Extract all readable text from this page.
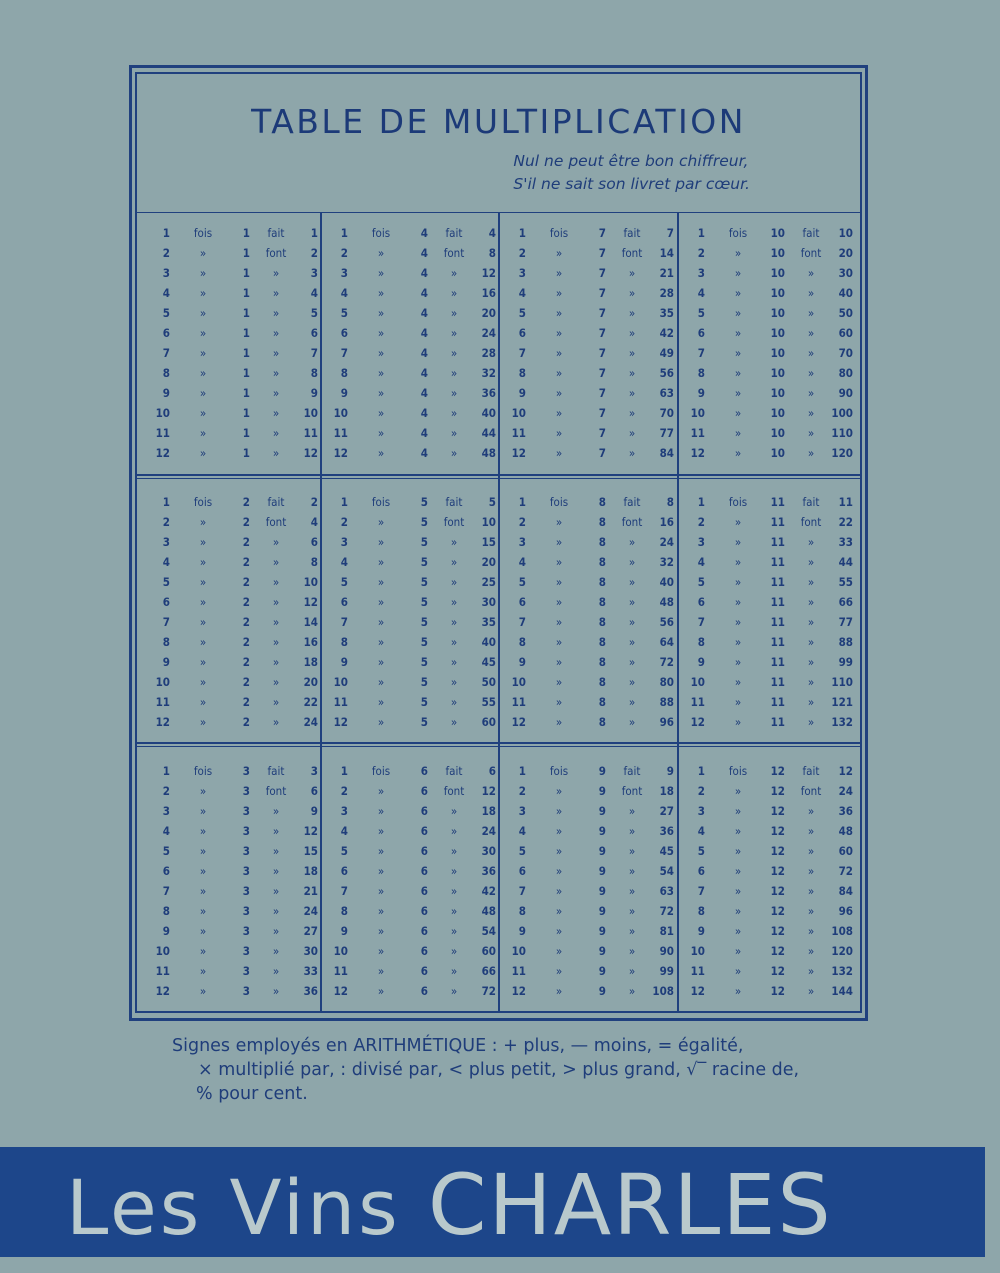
TABLE DE MULTIPLICATION
Nul ne peut être bon chiffreur,
S'il ne sait son livret par cœur.
1	fois	1	fait	1
2	»	1	font	2
3	»	1	»	3
4	»	1	»	4
5	»	1	»	5
6	»	1	»	6
7	»	1	»	7
8	»	1	»	8
9	»	1	»	9
10	»	1	»	10
11	»	1	»	11
12	»	1	»	12
1	fois	4	fait	4
2	»	4	font	8
3	»	4	»	12
4	»	4	»	16
5	»	4	»	20
6	»	4	»	24
7	»	4	»	28
8	»	4	»	32
9	»	4	»	36
10	»	4	»	40
11	»	4	»	44
12	»	4	»	48
1	fois	7	fait	7
2	»	7	font	14
3	»	7	»	21
4	»	7	»	28
5	»	7	»	35
6	»	7	»	42
7	»	7	»	49
8	»	7	»	56
9	»	7	»	63
10	»	7	»	70
11	»	7	»	77
12	»	7	»	84
1	fois	10	fait	10
2	»	10	font	20
3	»	10	»	30
4	»	10	»	40
5	»	10	»	50
6	»	10	»	60
7	»	10	»	70
8	»	10	»	80
9	»	10	»	90
10	»	10	»	100
11	»	10	»	110
12	»	10	»	120
1	fois	2	fait	2
2	»	2	font	4
3	»	2	»	6
4	»	2	»	8
5	»	2	»	10
6	»	2	»	12
7	»	2	»	14
8	»	2	»	16
9	»	2	»	18
10	»	2	»	20
11	»	2	»	22
12	»	2	»	24
1	fois	5	fait	5
2	»	5	font	10
3	»	5	»	15
4	»	5	»	20
5	»	5	»	25
6	»	5	»	30
7	»	5	»	35
8	»	5	»	40
9	»	5	»	45
10	»	5	»	50
11	»	5	»	55
12	»	5	»	60
1	fois	8	fait	8
2	»	8	font	16
3	»	8	»	24
4	»	8	»	32
5	»	8	»	40
6	»	8	»	48
7	»	8	»	56
8	»	8	»	64
9	»	8	»	72
10	»	8	»	80
11	»	8	»	88
12	»	8	»	96
1	fois	11	fait	11
2	»	11	font	22
3	»	11	»	33
4	»	11	»	44
5	»	11	»	55
6	»	11	»	66
7	»	11	»	77
8	»	11	»	88
9	»	11	»	99
10	»	11	»	110
11	»	11	»	121
12	»	11	»	132
1	fois	3	fait	3
2	»	3	font	6
3	»	3	»	9
4	»	3	»	12
5	»	3	»	15
6	»	3	»	18
7	»	3	»	21
8	»	3	»	24
9	»	3	»	27
10	»	3	»	30
11	»	3	»	33
12	»	3	»	36
1	fois	6	fait	6
2	»	6	font	12
3	»	6	»	18
4	»	6	»	24
5	»	6	»	30
6	»	6	»	36
7	»	6	»	42
8	»	6	»	48
9	»	6	»	54
10	»	6	»	60
11	»	6	»	66
12	»	6	»	72
1	fois	9	fait	9
2	»	9	font	18
3	»	9	»	27
4	»	9	»	36
5	»	9	»	45
6	»	9	»	54
7	»	9	»	63
8	»	9	»	72
9	»	9	»	81
10	»	9	»	90
11	»	9	»	99
12	»	9	»	108
1	fois	12	fait	12
2	»	12	font	24
3	»	12	»	36
4	»	12	»	48
5	»	12	»	60
6	»	12	»	72
7	»	12	»	84
8	»	12	»	96
9	»	12	»	108
10	»	12	»	120
11	»	12	»	132
12	»	12	»	144
Signes employés en ARITHMÉTIQUE : + plus, — moins, = égalité,
× multiplié par, : divisé par, < plus petit, > plus grand, √‾ racine de,
% pour cent.
Les Vins CHARLES
